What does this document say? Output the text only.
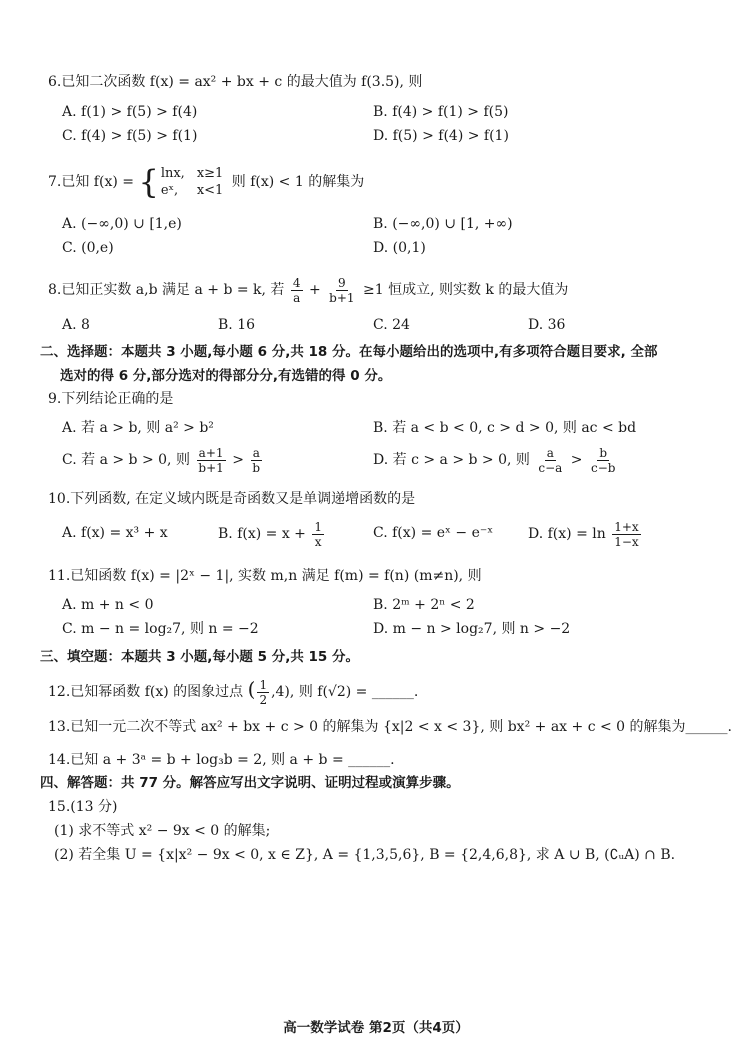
6.已知二次函数 f(x) = ax² + bx + c 的最大值为 f(3.5), 则
A. f(1) > f(5) > f(4)	B. f(4) > f(1) > f(5)
C. f(4) > f(5) > f(1)	D. f(5) > f(4) > f(1)
7.已知 f(x) = { lnx, x≥1
eˣ, x<1
则 f(x) < 1 的解集为
A. (−∞,0) ∪ [1,e)	B. (−∞,0) ∪ [1, +∞)
C. (0,e)	D. (0,1)
8.已知正实数 a,b 满足 a + b = k, 若 $\frac{4}{a} + \frac{9}{b+1} \ge 1$ 恒成立, 则实数 k 的最大值为
A. 8	B. 16	C. 24	D. 36
二、选择题：本题共 3 小题,每小题 6 分,共 18 分。在每小题给出的选项中,有多项符合题目要求, 全部
选对的得 6 分,部分选对的得部分分,有选错的得 0 分。
9.下列结论正确的是
A. 若 a > b, 则 a² > b²	B. 若 a < b < 0, c > d > 0, 则 ac < bd
C. 若 a > b > 0, 则 $\frac{a+1}{b+1} > \frac{a}{b}$	D. 若 c > a > b > 0, 则 $\frac{a}{c-a} > \frac{b}{c-b}$
10.下列函数, 在定义域内既是奇函数又是单调递增函数的是
A. f(x) = x³ + x	B. $f(x) = x + \frac{1}{x}$	C. f(x) = eˣ − e⁻ˣ D. $f(x) = \ln \frac{1+x}{1-x}$
11.已知函数 f(x) = |2ˣ − 1|, 实数 m,n 满足 f(m) = f(n) (m≠n), 则
A. m + n < 0	B. 2ᵐ + 2ⁿ < 2
C. m − n = log₂7, 则 n = −2	D. m − n > log₂7, 则 n > −2
三、填空题：本题共 3 小题,每小题 5 分,共 15 分。
12.已知幂函数 f(x) 的图象过点 ( $\frac{1}{2} ,4$), 则 f(√2) = ______.
13.已知一元二次不等式 ax² + bx + c > 0 的解集为 {x|2 < x < 3}, 则 bx² + ax + c < 0 的解集为______.
14.已知 a + 3ᵃ = b + log₃b = 2, 则 a + b = ______.
四、解答题：共 77 分。解答应写出文字说明、证明过程或演算步骤。
15.(13 分)
(1) 求不等式 x² − 9x < 0 的解集;
(2) 若全集 U = {x|x² − 9x < 0, x ∈ Z}, A = {1,3,5,6}, B = {2,4,6,8}, 求 A ∪ B, (∁ᵤA) ∩ B.
高一数学试卷 第2页（共4页）
